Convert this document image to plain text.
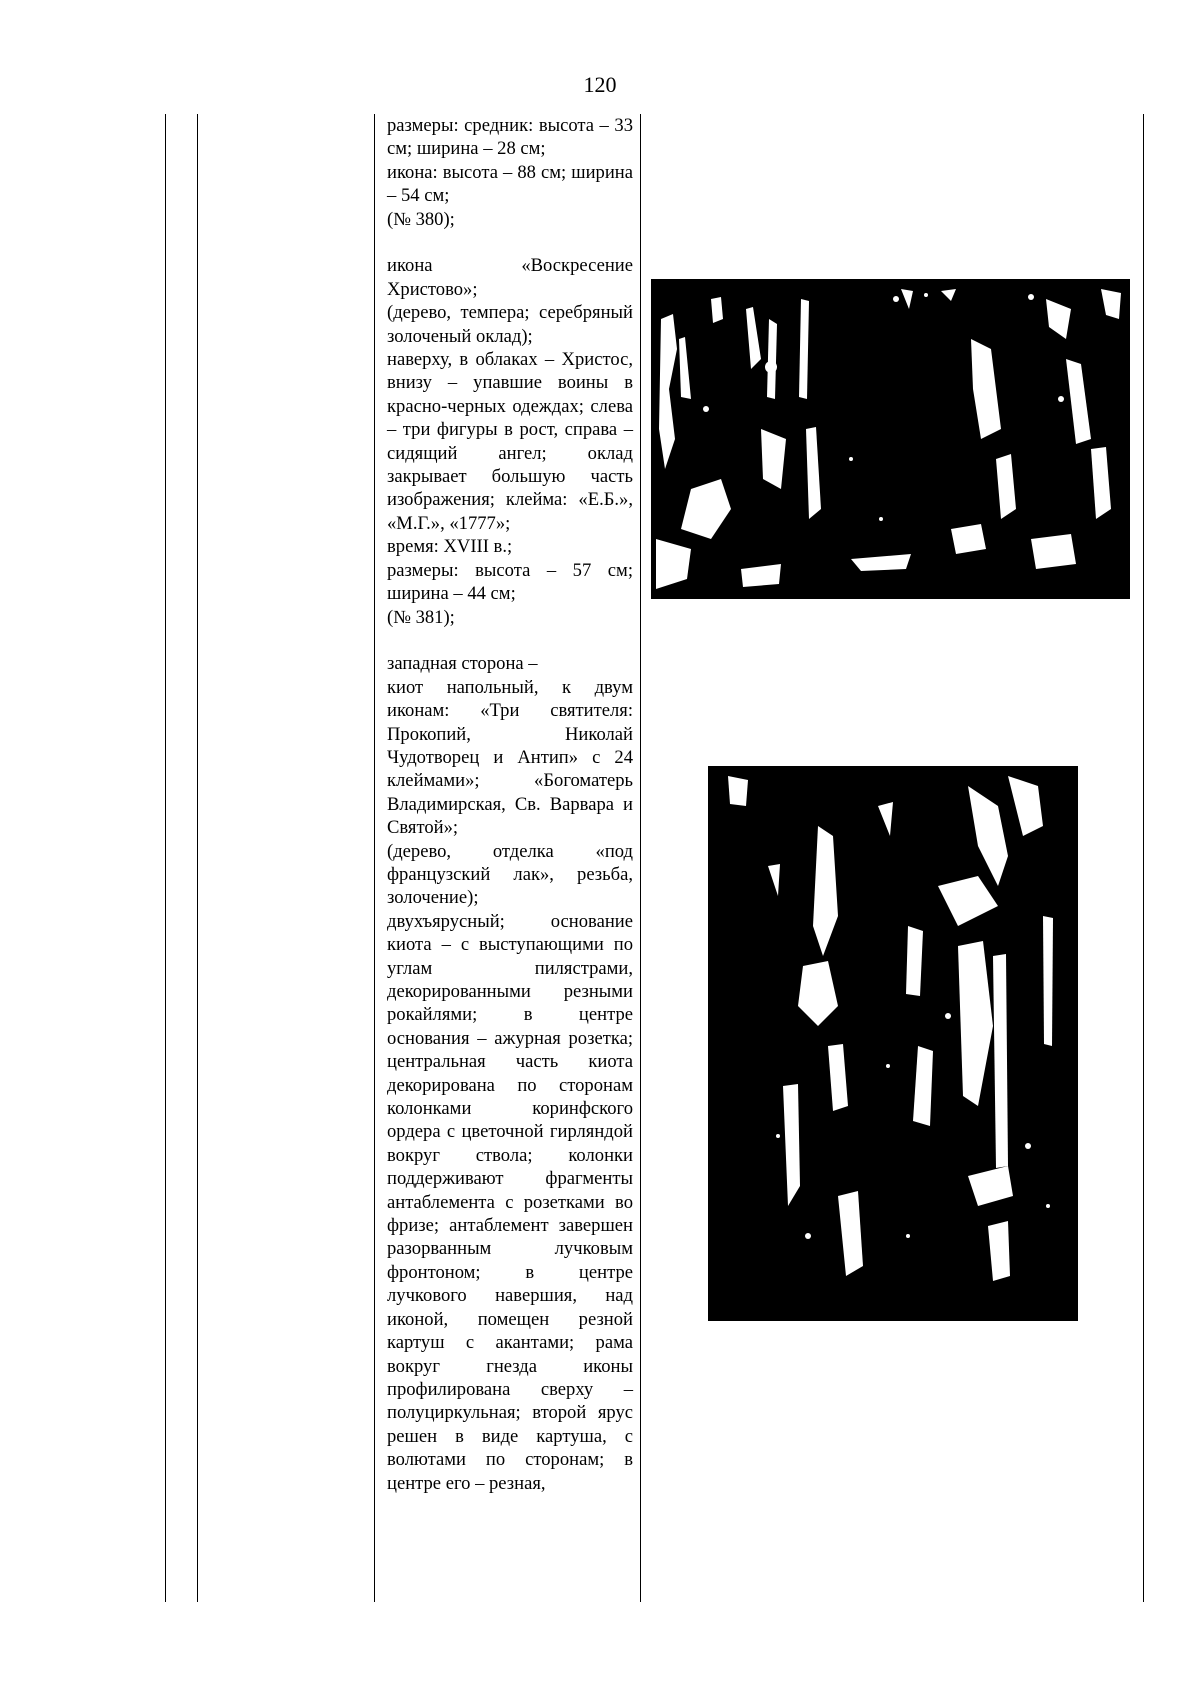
120

размеры: средник: высота – 33 см; ширина – 28 см;

икона: высота – 88 см; ширина – 54 см;

(№ 380);

икона «Воскресение Христово»;

(дерево, темпера; серебряный золоченый оклад);

наверху, в облаках – Христос, внизу – упавшие воины в красно-черных одеждах; слева – три фигуры в рост, справа – сидящий ангел; оклад закрывает большую часть изображения; клейма: «Е.Б.», «М.Г.», «1777»;

время: XVIII в.;

размеры: высота – 57 см; ширина – 44 см;

(№ 381);

западная сторона –

киот напольный, к двум иконам: «Три святителя: Прокопий, Николай Чудотворец и Антип» с 24 клеймами»; «Богоматерь Владимирская, Св. Варвара и Святой»;

(дерево, отделка «под французский лак», резьба, золочение);

двухъярусный; основание киота – с выступающими по углам пилястрами, декорированными резными рокайлями; в центре основания – ажурная розетка; центральная часть киота декорирована по сторонам колонками коринфского ордера с цветочной гирляндой вокруг ствола; колонки поддерживают фрагменты антаблемента с розетками во фризе; антаблемент завершен разорванным лучковым фронтоном; в центре лучкового навершия, над иконой, помещен резной картуш с акантами; рама вокруг гнезда иконы профилирована сверху – полуциркульная; второй ярус решен в виде картуша, с волютами по сторонам; в центре его – резная,
